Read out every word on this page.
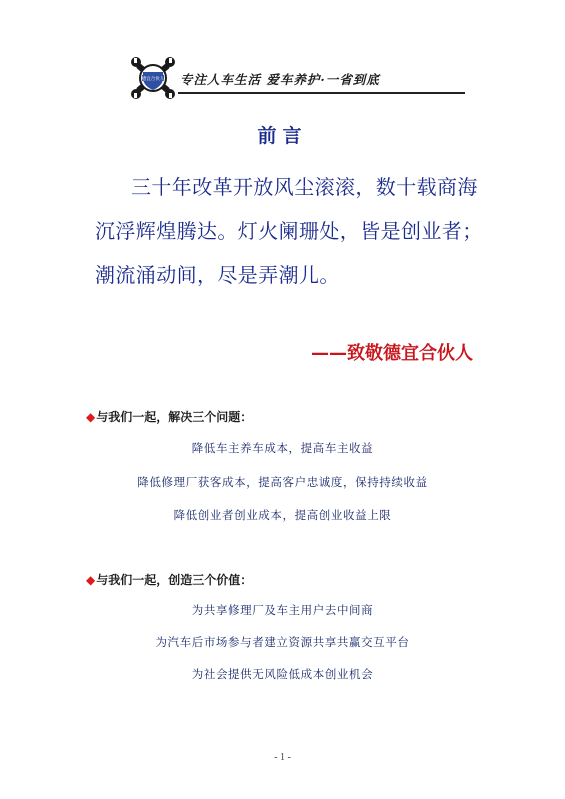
德宜合伙人 专注人车生活 爱车养护·一省到底
前言
三十年改革开放风尘滚滚，数十载商海
沉浮辉煌腾达。灯火阑珊处，皆是创业者；
潮流涌动间，尽是弄潮儿。
——致敬德宜合伙人
◆与我们一起，解决三个问题：
降低车主养车成本，提高车主收益
降低修理厂获客成本，提高客户忠诚度，保持持续收益
降低创业者创业成本，提高创业收益上限
◆与我们一起，创造三个价值：
为共享修理厂及车主用户去中间商
为汽车后市场参与者建立资源共享共赢交互平台
为社会提供无风险低成本创业机会
- 1 -
